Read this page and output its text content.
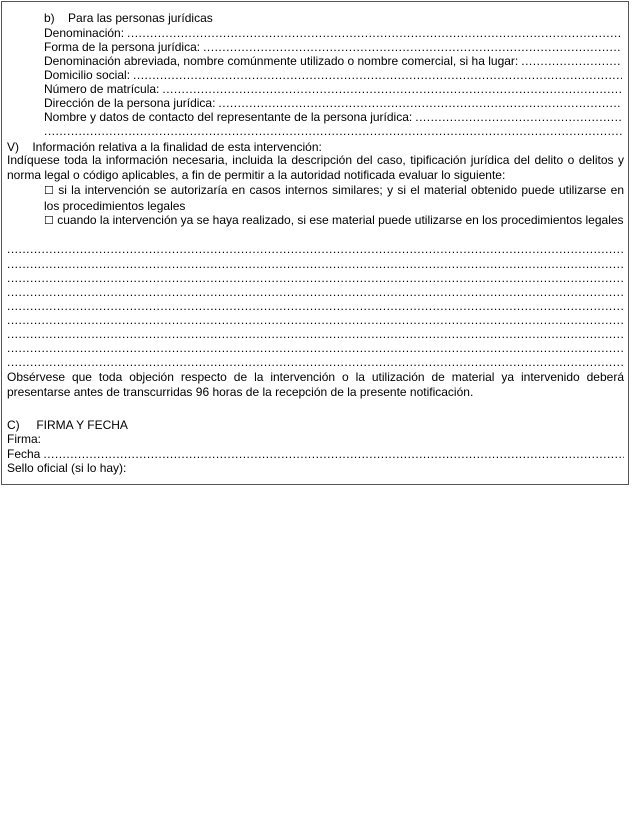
b) Para las personas jurídicas
Denominación:
.....
Forma de la persona jurídica:
.....
Denominación abreviada, nombre comúnmente utilizado o nombre comercial, si ha lugar:
.....
Domicilio social:
.....
Número de matrícula:
.....
Dirección de la persona jurídica:
.....
Nombre y datos de contacto del representante de la persona jurídica:
.....
.....
V) Información relativa a la finalidad de esta intervención:
Indíquese toda la información necesaria, incluida la descripción del caso, tipificación jurídica del delito o delitos y norma legal o código aplicables, a fin de permitir a la autoridad notificada evaluar lo siguiente:
☐ si la intervención se autorizaría en casos internos similares; y si el material obtenido puede utilizarse en los procedimientos legales
☐ cuando la intervención ya se haya realizado, si ese material puede utilizarse en los procedimientos legales
.....
.....
.....
.....
.....
.....
.....
.....
.....
Obsérvese que toda objeción respecto de la intervención o la utilización de material ya intervenido deberá presentarse antes de transcurridas 96 horas de la recepción de la presente notificación.
C) FIRMA Y FECHA
Firma:
Fecha
.....
Sello oficial (si lo hay):
